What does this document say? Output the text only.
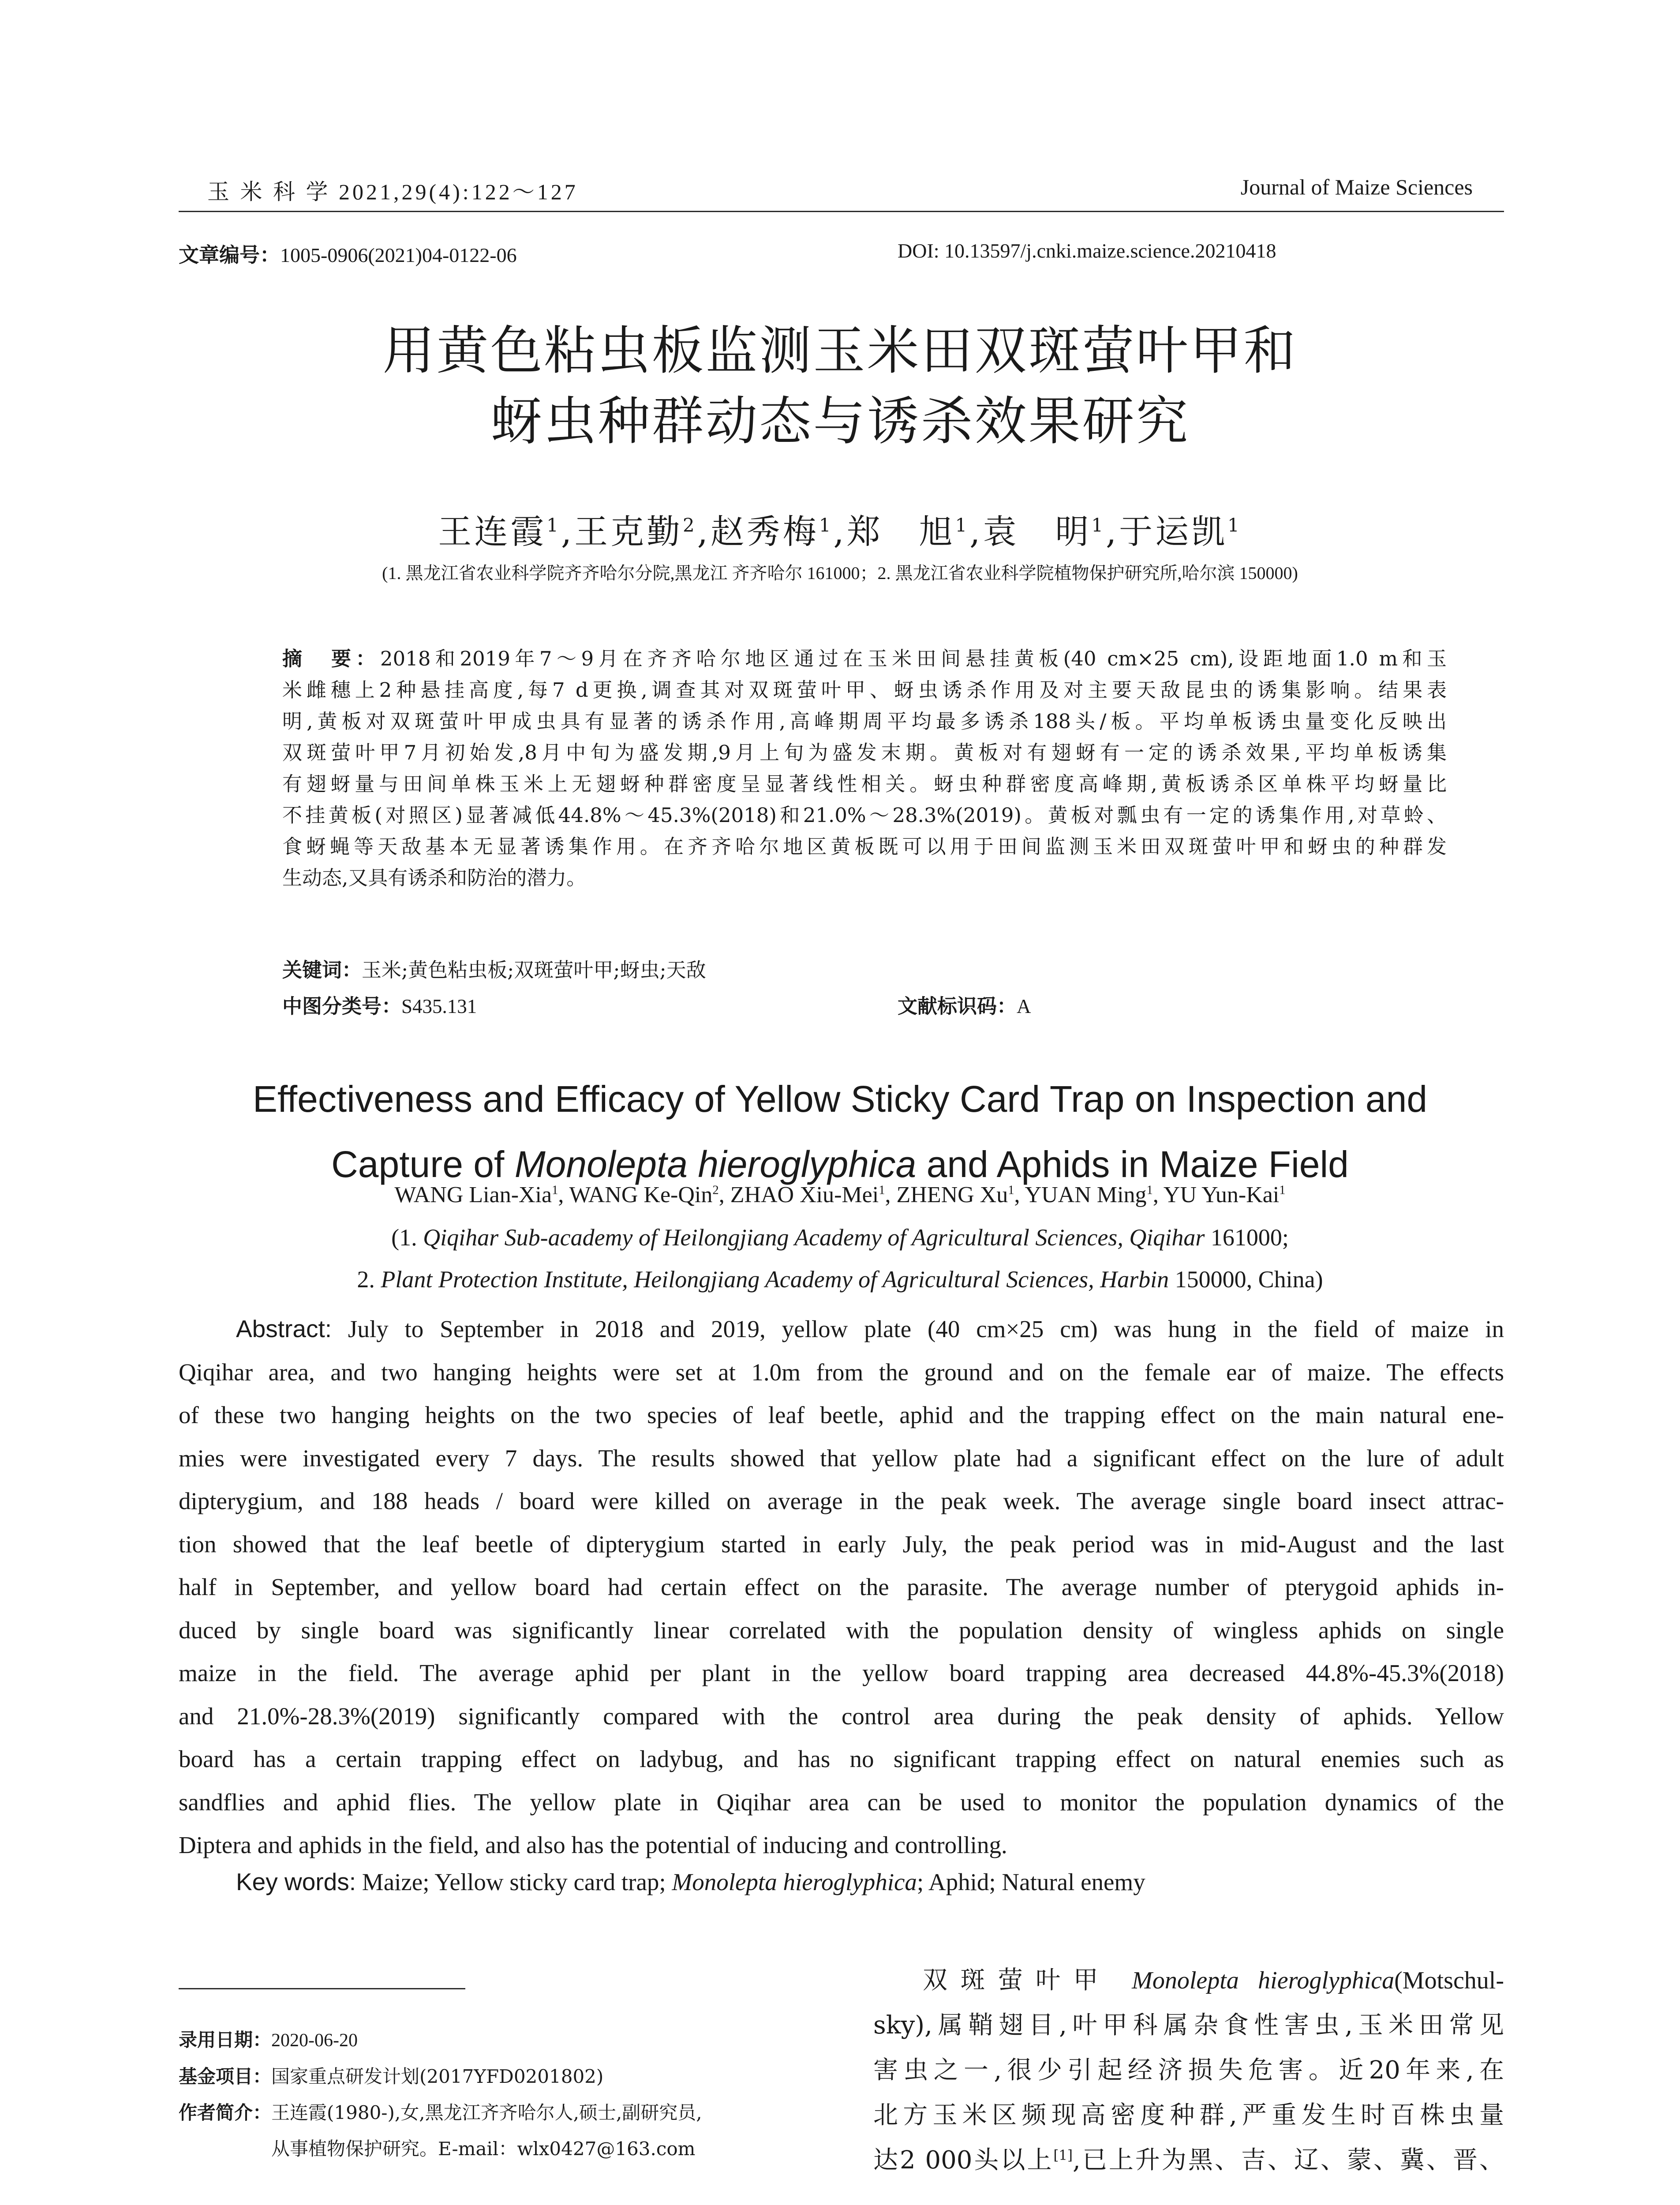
玉 米 科 学 2021,29(4):122～127	Journal of Maize Sciences
文章编号：1005-0906(2021)04-0122-06	DOI: 10.13597/j.cnki.maize.science.20210418
用黄色粘虫板监测玉米田双斑萤叶甲和
蚜虫种群动态与诱杀效果研究
王连霞$^1$,王克勤$^2$,赵秀梅$^1$,郑　旭$^1$,袁　明$^1$,于运凯$^1$
(1. 黑龙江省农业科学院齐齐哈尔分院,黑龙江 齐齐哈尔 161000；2. 黑龙江省农业科学院植物保护研究所,哈尔滨 150000)
摘　要：2018和2019年7～9月在齐齐哈尔地区通过在玉米田间悬挂黄板(40 cm×25 cm),设距地面1.0 m和玉
米雌穗上2种悬挂高度,每7 d更换,调查其对双斑萤叶甲、蚜虫诱杀作用及对主要天敌昆虫的诱集影响。结果表
明,黄板对双斑萤叶甲成虫具有显著的诱杀作用,高峰期周平均最多诱杀188头/板。平均单板诱虫量变化反映出
双斑萤叶甲7月初始发,8月中旬为盛发期,9月上旬为盛发末期。黄板对有翅蚜有一定的诱杀效果,平均单板诱集
有翅蚜量与田间单株玉米上无翅蚜种群密度呈显著线性相关。蚜虫种群密度高峰期,黄板诱杀区单株平均蚜量比
不挂黄板(对照区)显著减低44.8%～45.3%(2018)和21.0%～28.3%(2019)。黄板对瓢虫有一定的诱集作用,对草蛉、
食蚜蝇等天敌基本无显著诱集作用。在齐齐哈尔地区黄板既可以用于田间监测玉米田双斑萤叶甲和蚜虫的种群发
生动态,又具有诱杀和防治的潜力。
关键词：玉米;黄色粘虫板;双斑萤叶甲;蚜虫;天敌
中图分类号：S435.131	文献标识码：A
Effectiveness and Efficacy of Yellow Sticky Card Trap on Inspection and
Capture of Monolepta hieroglyphica and Aphids in Maize Field
WANG Lian-Xia$^1$, WANG Ke-Qin$^2$, ZHAO Xiu-Mei$^1$, ZHENG Xu$^1$, YUAN Ming$^1$, YU Yun-Kai$^1$
(1. Qiqihar Sub-academy of Heilongjiang Academy of Agricultural Sciences, Qiqihar 161000;
2. Plant Protection Institute, Heilongjiang Academy of Agricultural Sciences, Harbin 150000, China)
Abstract: July to September in 2018 and 2019, yellow plate (40 cm×25 cm) was hung in the field of maize in
Qiqihar area, and two hanging heights were set at 1.0m from the ground and on the female ear of maize. The effects
of these two hanging heights on the two species of leaf beetle, aphid and the trapping effect on the main natural ene-
mies were investigated every 7 days. The results showed that yellow plate had a significant effect on the lure of adult
dipterygium, and 188 heads / board were killed on average in the peak week. The average single board insect attrac-
tion showed that the leaf beetle of dipterygium started in early July, the peak period was in mid-August and the last
half in September, and yellow board had certain effect on the parasite. The average number of pterygoid aphids in-
duced by single board was significantly linear correlated with the population density of wingless aphids on single
maize in the field. The average aphid per plant in the yellow board trapping area decreased 44.8%-45.3%(2018)
and 21.0%-28.3%(2019) significantly compared with the control area during the peak density of aphids. Yellow
board has a certain trapping effect on ladybug, and has no significant trapping effect on natural enemies such as
sandflies and aphid flies. The yellow plate in Qiqihar area can be used to monitor the population dynamics of the
Diptera and aphids in the field, and also has the potential of inducing and controlling.
Key words: Maize; Yellow sticky card trap; Monolepta hieroglyphica; Aphid; Natural enemy
录用日期：2020-06-20
基金项目：国家重点研发计划(2017YFD0201802)
作者简介：王连霞(1980-),女,黑龙江齐齐哈尔人,硕士,副研究员,
从事植物保护研究。E-mail：wlx0427@163.com
双斑萤叶甲 Monolepta hieroglyphica(Motschul-
sky),属鞘翅目,叶甲科属杂食性害虫,玉米田常见
害虫之一,很少引起经济损失危害。近20年来,在
北方玉米区频现高密度种群,严重发生时百株虫量
达2 000头以上[1],已上升为黑、吉、辽、蒙、冀、晋、
